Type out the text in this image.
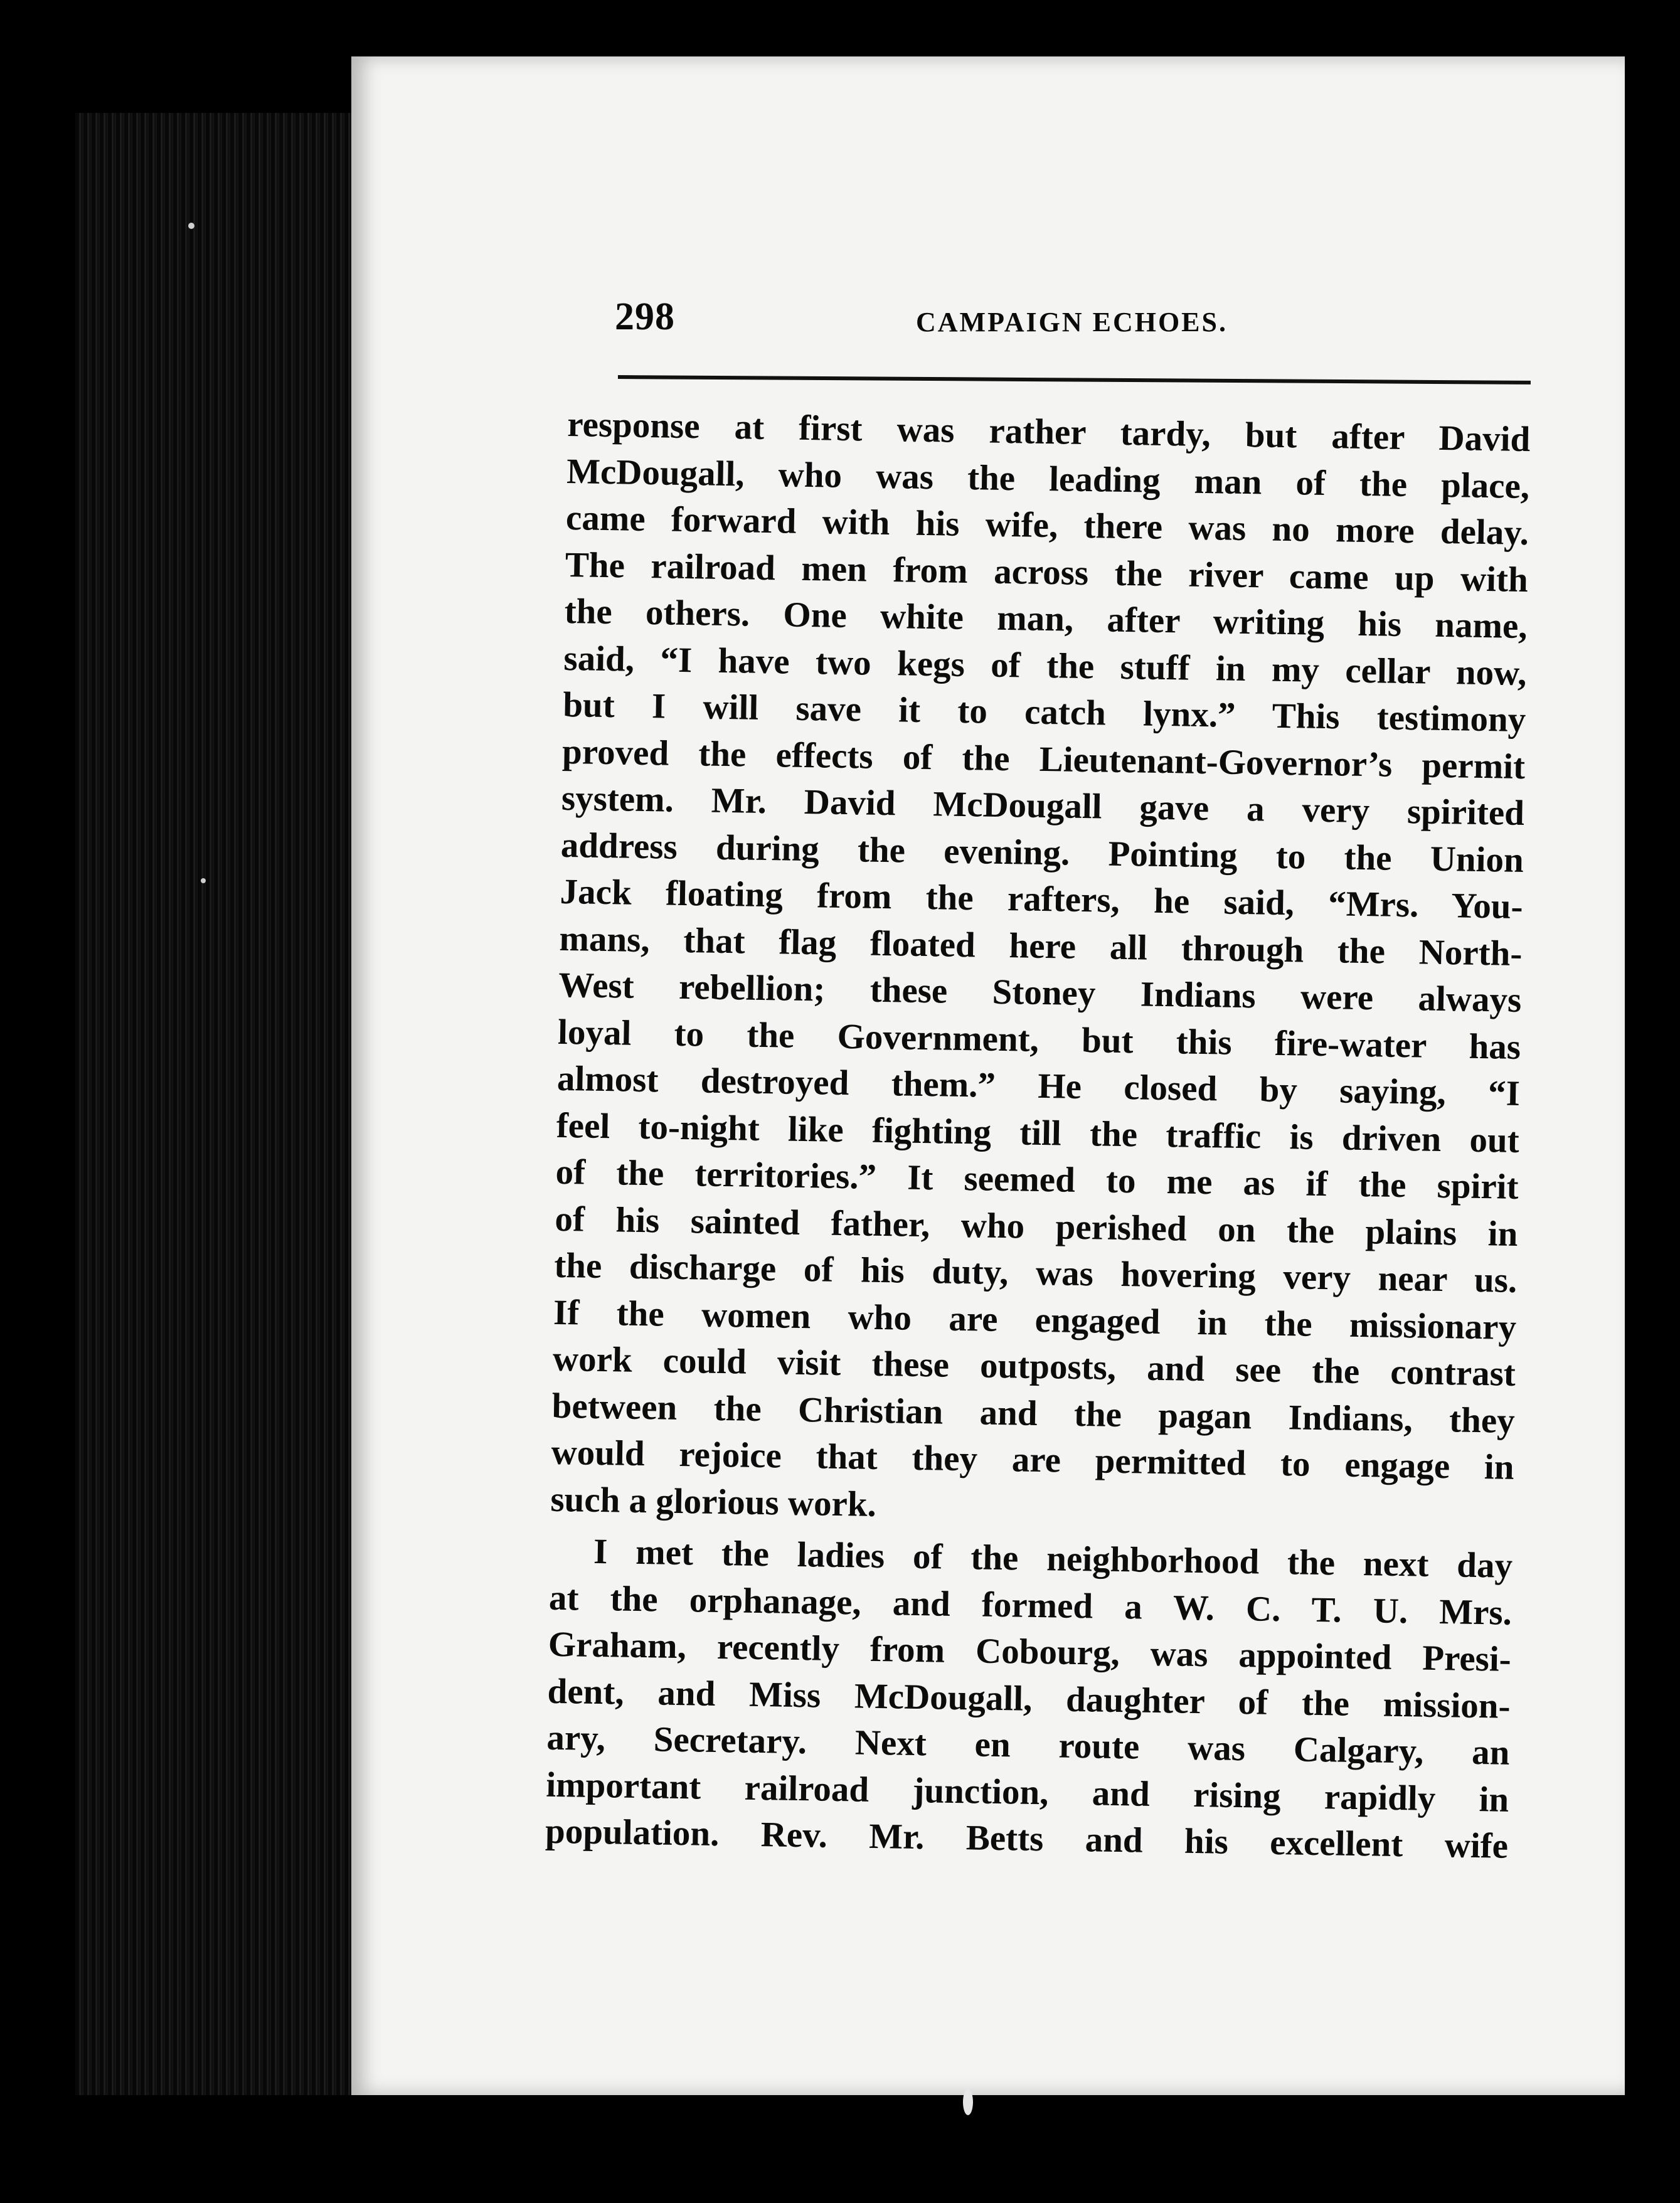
298	CAMPAIGN ECHOES.
response at first was rather tardy, but after David
McDougall, who was the leading man of the place,
came forward with his wife, there was no more delay.
The railroad men from across the river came up with
the others. One white man, after writing his name,
said, “I have two kegs of the stuff in my cellar now,
but I will save it to catch lynx.” This testimony
proved the effects of the Lieutenant-Governor’s permit
system. Mr. David McDougall gave a very spirited
address during the evening. Pointing to the Union
Jack floating from the rafters, he said, “Mrs. You-
mans, that flag floated here all through the North-
West rebellion; these Stoney Indians were always
loyal to the Government, but this fire-water has
almost destroyed them.” He closed by saying, “I
feel to-night like fighting till the traffic is driven out
of the territories.” It seemed to me as if the spirit
of his sainted father, who perished on the plains in
the discharge of his duty, was hovering very near us.
If the women who are engaged in the missionary
work could visit these outposts, and see the contrast
between the Christian and the pagan Indians, they
would rejoice that they are permitted to engage in
such a glorious work.
I met the ladies of the neighborhood the next day
at the orphanage, and formed a W. C. T. U. Mrs.
Graham, recently from Cobourg, was appointed Presi-
dent, and Miss McDougall, daughter of the mission-
ary, Secretary. Next en route was Calgary, an
important railroad junction, and rising rapidly in
population. Rev. Mr. Betts and his excellent wife
